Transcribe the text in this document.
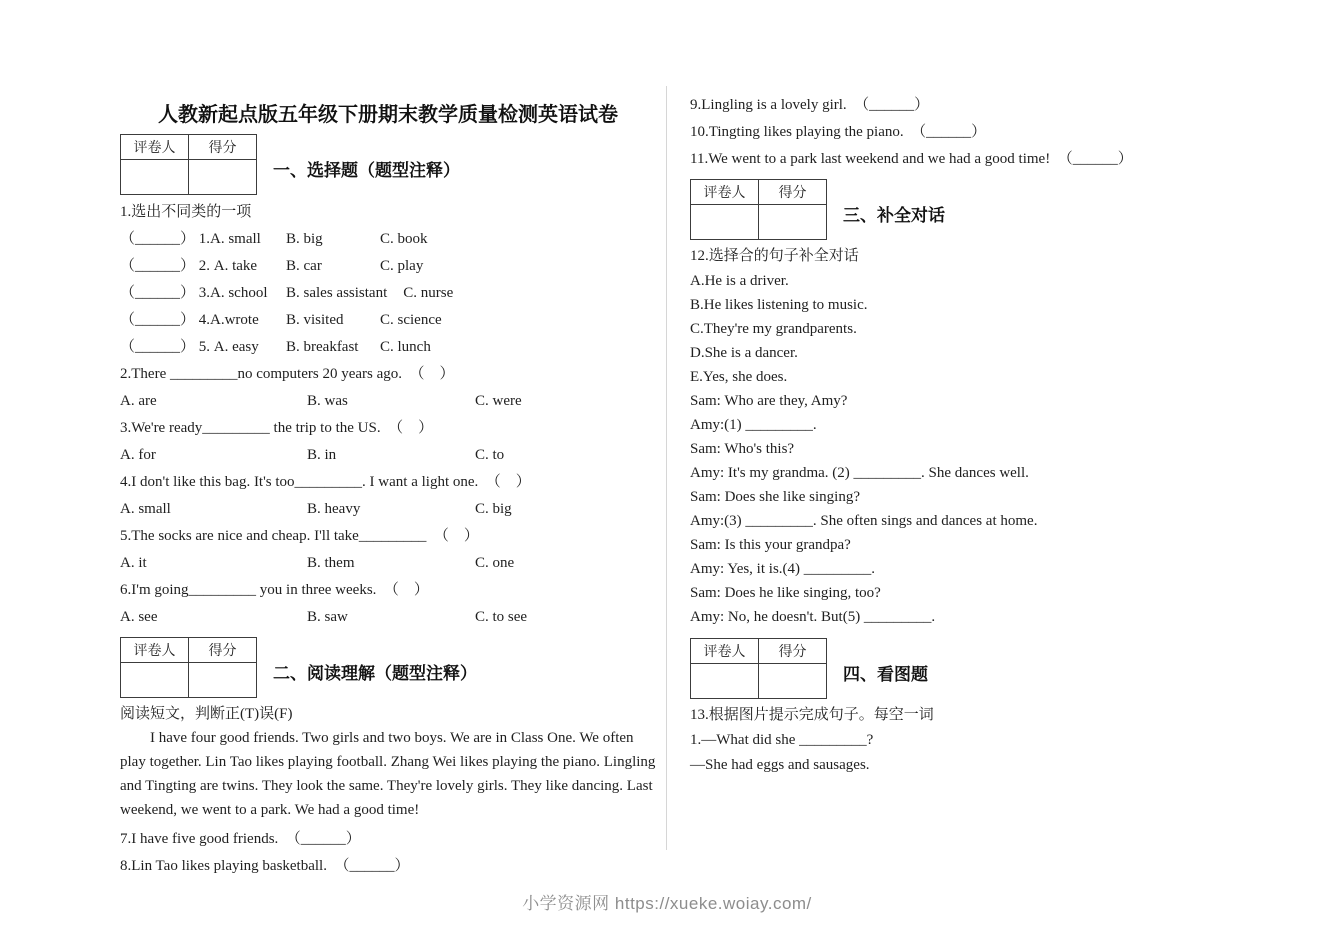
人教新起点版五年级下册期末教学质量检测英语试卷
评卷人	得分

一、选择题（题型注释）
1.选出不同类的一项
（______） 1.A. small	B. big	C. book
（______） 2. A. take	B. car	C. play
（______） 3.A. school	B. sales assistant	C. nurse
（______） 4.A.wrote	B. visited	C. science
（______） 5. A. easy	B. breakfast	C. lunch
2.There _________no computers 20 years ago.  （　）
A. are	B. was	C. were
3.We're ready_________ the trip to the US.  （　）
A. for	B. in	C. to
4.I don't like this bag. It's too_________. I want a light one.  （　）
A. small	B. heavy	C. big
5.The socks are nice and cheap. I'll take_________  （　）
A. it	B. them	C. one
6.I'm going_________ you in three weeks.  （　）
A. see	B. saw	C. to see
评卷人	得分

二、阅读理解（题型注释）
阅读短文，判断正(T)误(F)

I have four good friends. Two girls and two boys. We are in Class One. We often play together. Lin Tao likes playing football. Zhang Wei likes playing the piano. Lingling and Tingting are twins. They look the same. They're lovely girls. They like dancing. Last weekend, we went to a park. We had a good time!

7.I have five good friends.  （______）
8.Lin Tao likes playing basketball.  （______）
9.Lingling is a lovely girl.  （______）
10.Tingting likes playing the piano.  （______）
11.We went to a park last weekend and we had a good time!  （______）
评卷人	得分

三、补全对话
12.选择合的句子补全对话
A.He is a driver.
B.He likes listening to music.
C.They're my grandparents.
D.She is a dancer.
E.Yes, she does.
Sam: Who are they, Amy?
Amy:(1) _________.
Sam: Who's this?
Amy: It's my grandma. (2) _________. She dances well.
Sam: Does she like singing?
Amy:(3) _________. She often sings and dances at home.
Sam: Is this your grandpa?
Amy: Yes, it is.(4) _________.
Sam: Does he like singing, too?
Amy: No, he doesn't. But(5) _________.
评卷人	得分

四、看图题
13.根据图片提示完成句子。每空一词
1.—What did she _________?
—She had eggs and sausages.
小学资源网 https://xueke.woiay.com/
